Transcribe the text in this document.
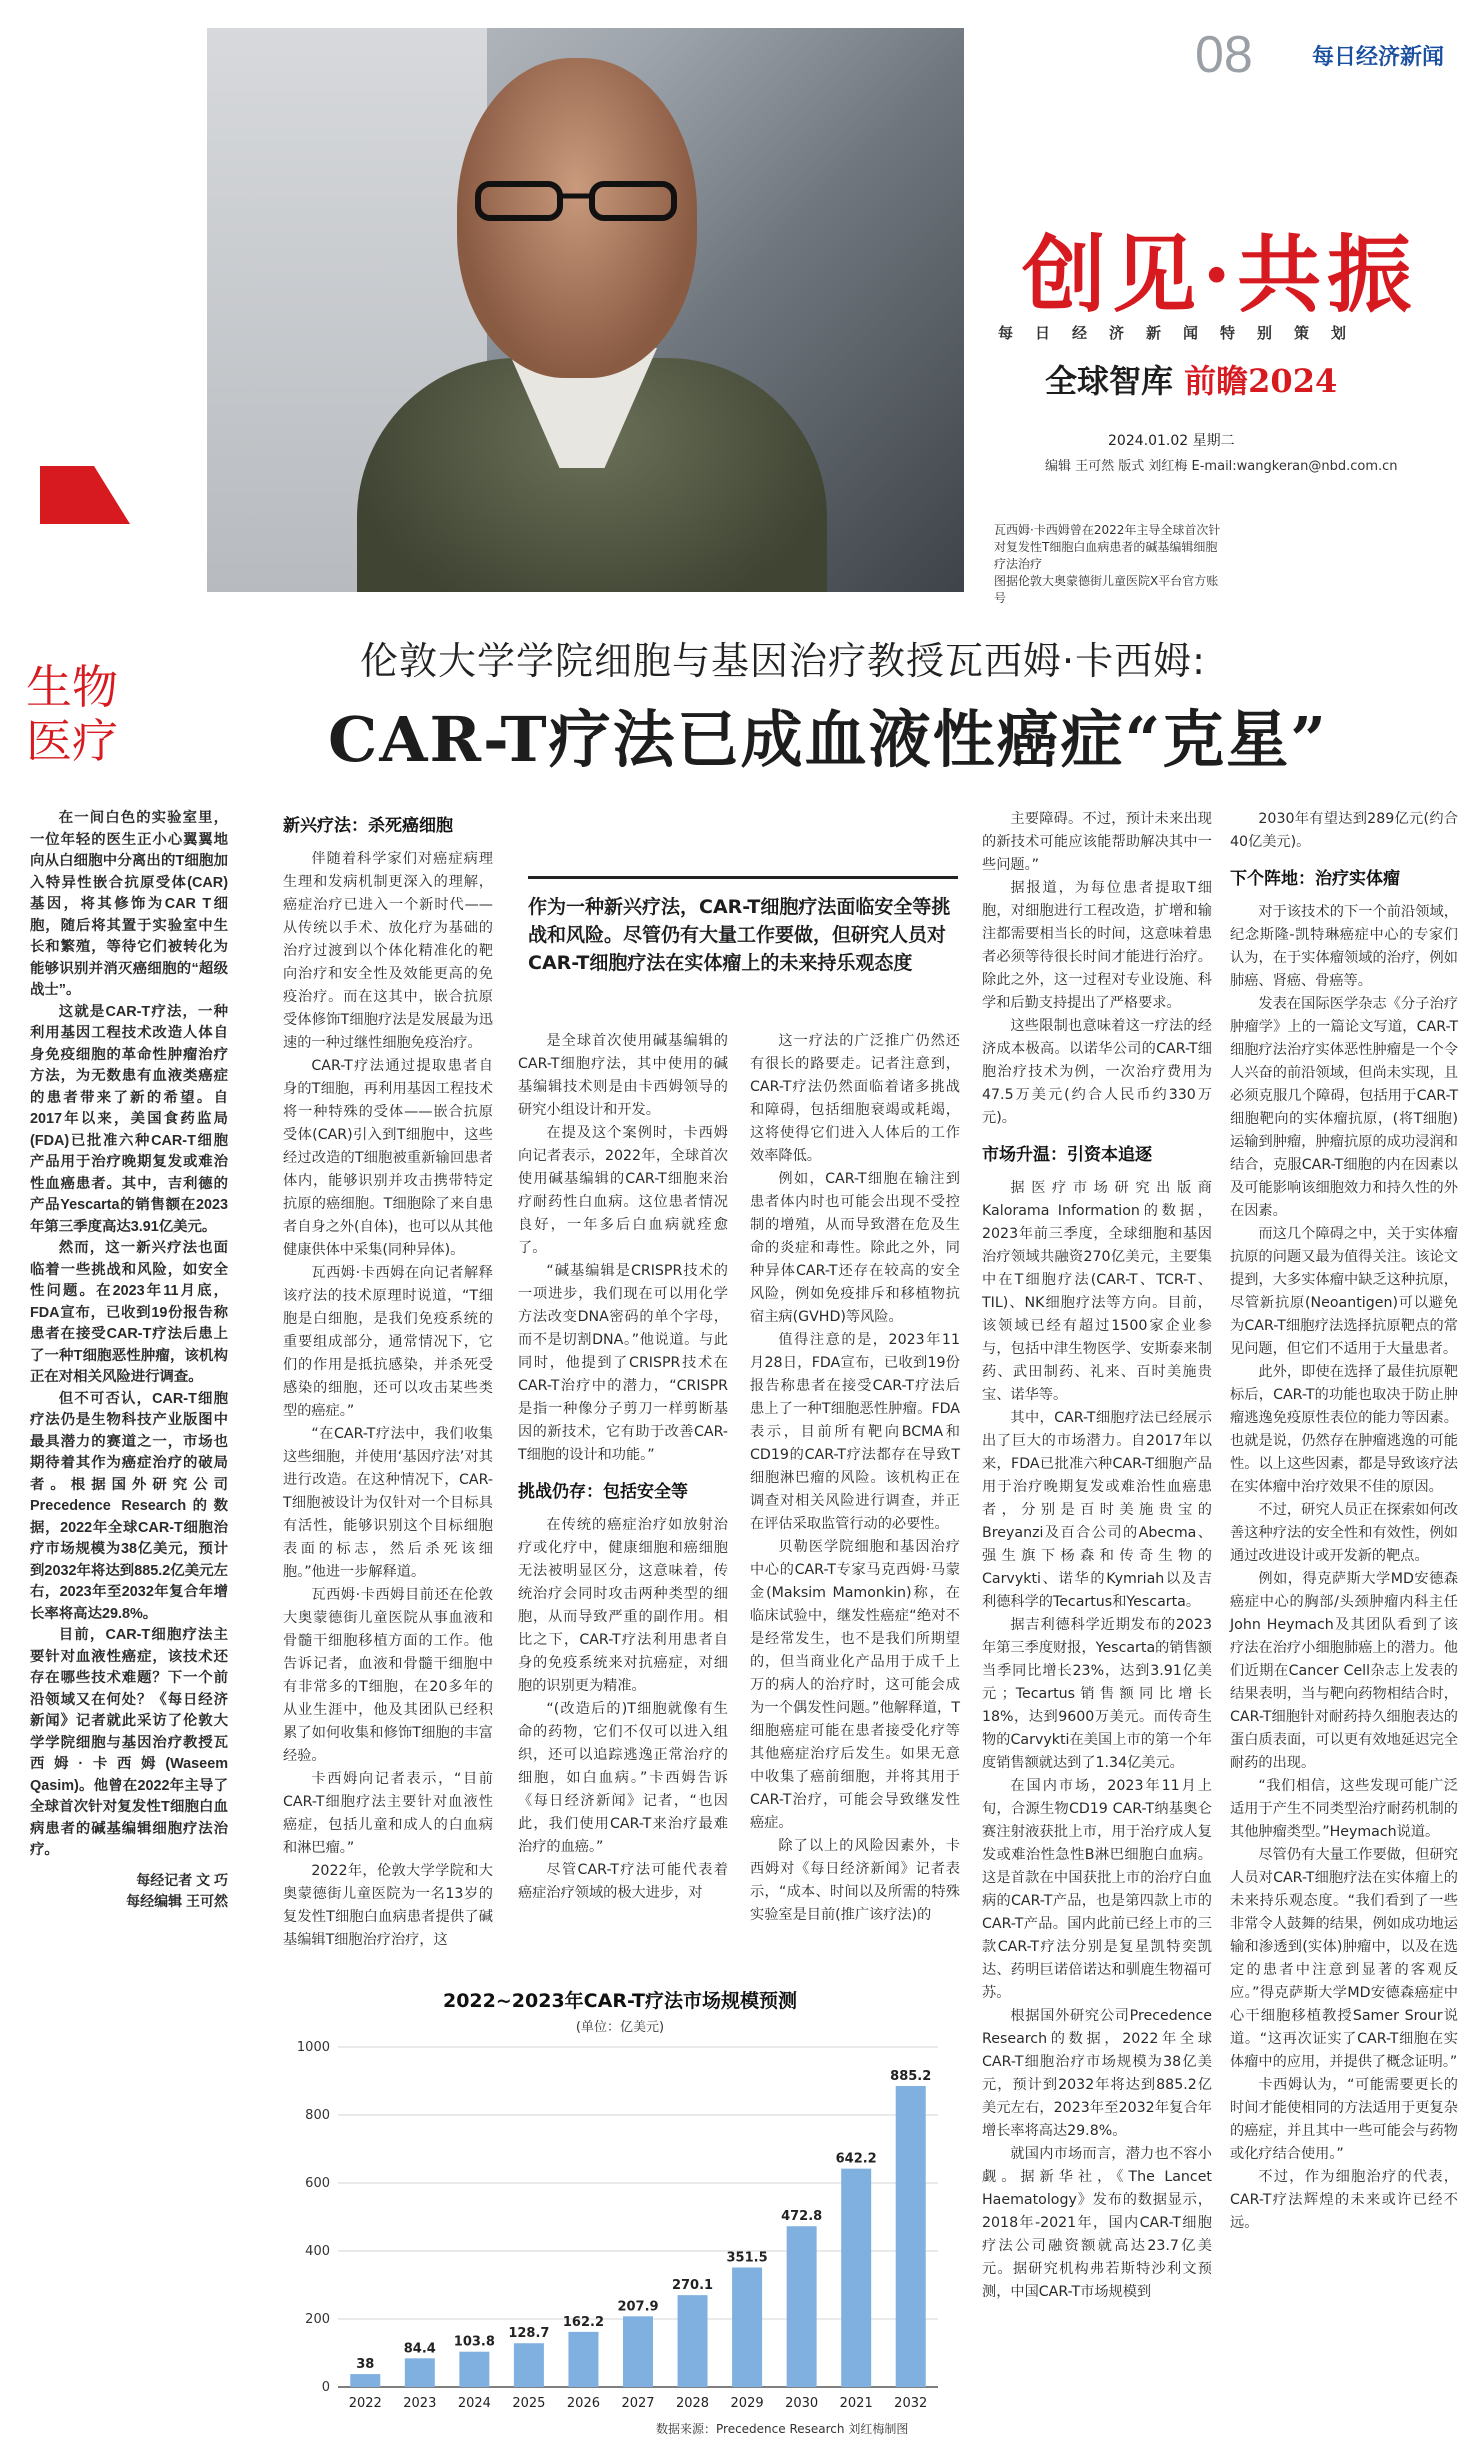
08	每日经济新闻
创见·共振
每日经济新闻特别策划
全球智库 前瞻2024
2024.01.02 星期二
编辑 王可然 版式 刘红梅 E-mail:wangkeran@nbd.com.cn
瓦西姆·卡西姆曾在2022年主导全球首次针对复发性T细胞白血病患者的碱基编辑细胞疗法治疗
图据伦敦大奥蒙德街儿童医院X平台官方账号
生物
医疗
伦敦大学学院细胞与基因治疗教授瓦西姆·卡西姆:
CAR-T疗法已成血液性癌症“克星”

在一间白色的实验室里，一位年轻的医生正小心翼翼地向从白细胞中分离出的T细胞加入特异性嵌合抗原受体(CAR)基因，将其修饰为CAR T细胞，随后将其置于实验室中生长和繁殖，等待它们被转化为能够识别并消灭癌细胞的“超级战士”。

这就是CAR-T疗法，一种利用基因工程技术改造人体自身免疫细胞的革命性肿瘤治疗方法，为无数患有血液类癌症的患者带来了新的希望。自2017年以来，美国食药监局(FDA)已批准六种CAR-T细胞产品用于治疗晚期复发或难治性血癌患者。其中，吉利德的产品Yescarta的销售额在2023年第三季度高达3.91亿美元。

然而，这一新兴疗法也面临着一些挑战和风险，如安全性问题。在2023年11月底，FDA宣布，已收到19份报告称患者在接受CAR-T疗法后患上了一种T细胞恶性肿瘤，该机构正在对相关风险进行调查。

但不可否认，CAR-T细胞疗法仍是生物科技产业版图中最具潜力的赛道之一，市场也期待着其作为癌症治疗的破局者。根据国外研究公司Precedence Research的数据，2022年全球CAR-T细胞治疗市场规模为38亿美元，预计到2032年将达到885.2亿美元左右，2023年至2032年复合年增长率将高达29.8%。

目前，CAR-T细胞疗法主要针对血液性癌症，该技术还存在哪些技术难题？下一个前沿领域又在何处？《每日经济新闻》记者就此采访了伦敦大学学院细胞与基因治疗教授瓦西姆·卡西姆(Waseem Qasim)。他曾在2022年主导了全球首次针对复发性T细胞白血病患者的碱基编辑细胞疗法治疗。

每经记者 文 巧
每经编辑 王可然
新兴疗法：杀死癌细胞

伴随着科学家们对癌症病理生理和发病机制更深入的理解，癌症治疗已进入一个新时代——从传统以手术、放化疗为基础的治疗过渡到以个体化精准化的靶向治疗和安全性及效能更高的免疫治疗。而在这其中，嵌合抗原受体修饰T细胞疗法是发展最为迅速的一种过继性细胞免疫治疗。

CAR-T疗法通过提取患者自身的T细胞，再利用基因工程技术将一种特殊的受体——嵌合抗原受体(CAR)引入到T细胞中，这些经过改造的T细胞被重新输回患者体内，能够识别并攻击携带特定抗原的癌细胞。T细胞除了来自患者自身之外(自体)，也可以从其他健康供体中采集(同种异体)。

瓦西姆·卡西姆在向记者解释该疗法的技术原理时说道，“T细胞是白细胞，是我们免疫系统的重要组成部分，通常情况下，它们的作用是抵抗感染，并杀死受感染的细胞，还可以攻击某些类型的癌症。”

“在CAR-T疗法中，我们收集这些细胞，并使用‘基因疗法’对其进行改造。在这种情况下，CAR-T细胞被设计为仅针对一个目标具有活性，能够识别这个目标细胞表面的标志，然后杀死该细胞。”他进一步解释道。

瓦西姆·卡西姆目前还在伦敦大奥蒙德街儿童医院从事血液和骨髓干细胞移植方面的工作。他告诉记者，血液和骨髓干细胞中有非常多的T细胞，在20多年的从业生涯中，他及其团队已经积累了如何收集和修饰T细胞的丰富经验。

卡西姆向记者表示，“目前CAR-T细胞疗法主要针对血液性癌症，包括儿童和成人的白血病和淋巴瘤。”

2022年，伦敦大学学院和大奥蒙德街儿童医院为一名13岁的复发性T细胞白血病患者提供了碱基编辑T细胞治疗治疗，这

作为一种新兴疗法，CAR-T细胞疗法面临安全等挑战和风险。尽管仍有大量工作要做，但研究人员对CAR-T细胞疗法在实体瘤上的未来持乐观态度

是全球首次使用碱基编辑的CAR-T细胞疗法，其中使用的碱基编辑技术则是由卡西姆领导的研究小组设计和开发。

在提及这个案例时，卡西姆向记者表示，2022年，全球首次使用碱基编辑的CAR-T细胞来治疗耐药性白血病。这位患者情况良好，一年多后白血病就痊愈了。

“碱基编辑是CRISPR技术的一项进步，我们现在可以用化学方法改变DNA密码的单个字母，而不是切割DNA。”他说道。与此同时，他提到了CRISPR技术在CAR-T治疗中的潜力，“CRISPR是指一种像分子剪刀一样剪断基因的新技术，它有助于改善CAR-T细胞的设计和功能。”

挑战仍存：包括安全等

在传统的癌症治疗如放射治疗或化疗中，健康细胞和癌细胞无法被明显区分，这意味着，传统治疗会同时攻击两种类型的细胞，从而导致严重的副作用。相比之下，CAR-T疗法利用患者自身的免疫系统来对抗癌症，对细胞的识别更为精准。

“(改造后的)T细胞就像有生命的药物，它们不仅可以进入组织，还可以追踪逃逸正常治疗的细胞，如白血病。”卡西姆告诉《每日经济新闻》记者，“也因此，我们使用CAR-T来治疗最难治疗的血癌。”

尽管CAR-T疗法可能代表着癌症治疗领域的极大进步，对

这一疗法的广泛推广仍然还有很长的路要走。记者注意到，CAR-T疗法仍然面临着诸多挑战和障碍，包括细胞衰竭或耗竭，这将使得它们进入人体后的工作效率降低。

例如，CAR-T细胞在输注到患者体内时也可能会出现不受控制的增殖，从而导致潜在危及生命的炎症和毒性。除此之外，同种异体CAR-T还存在较高的安全风险，例如免疫排斥和移植物抗宿主病(GVHD)等风险。

值得注意的是，2023年11月28日，FDA宣布，已收到19份报告称患者在接受CAR-T疗法后患上了一种T细胞恶性肿瘤。FDA表示，目前所有靶向BCMA和CD19的CAR-T疗法都存在导致T细胞淋巴瘤的风险。该机构正在调查对相关风险进行调查，并正在评估采取监管行动的必要性。

贝勒医学院细胞和基因治疗中心的CAR-T专家马克西姆·马蒙金(Maksim Mamonkin)称，在临床试验中，继发性癌症“绝对不是经常发生，也不是我们所期望的，但当商业化产品用于成千上万的病人的治疗时，这可能会成为一个偶发性问题。”他解释道，T细胞癌症可能在患者接受化疗等其他癌症治疗后发生。如果无意中收集了癌前细胞，并将其用于CAR-T治疗，可能会导致继发性癌症。

除了以上的风险因素外，卡西姆对《每日经济新闻》记者表示，“成本、时间以及所需的特殊实验室是目前(推广该疗法)的

主要障碍。不过，预计未来出现的新技术可能应该能帮助解决其中一些问题。”

据报道，为每位患者提取T细胞，对细胞进行工程改造，扩增和输注都需要相当长的时间，这意味着患者必须等待很长时间才能进行治疗。除此之外，这一过程对专业设施、科学和后勤支持提出了严格要求。

这些限制也意味着这一疗法的经济成本极高。以诺华公司的CAR-T细胞治疗技术为例，一次治疗费用为47.5万美元(约合人民币约330万元)。

市场升温：引资本追逐

据医疗市场研究出版商Kalorama Information的数据，2023年前三季度，全球细胞和基因治疗领域共融资270亿美元，主要集中在T细胞疗法(CAR-T、TCR-T、TIL)、NK细胞疗法等方向。目前，该领域已经有超过1500家企业参与，包括中津生物医学、安斯泰来制药、武田制药、礼来、百时美施贵宝、诺华等。

其中，CAR-T细胞疗法已经展示出了巨大的市场潜力。自2017年以来，FDA已批准六种CAR-T细胞产品用于治疗晚期复发或难治性血癌患者，分别是百时美施贵宝的Breyanzi及百合公司的Abecma、强生旗下杨森和传奇生物的Carvykti、诺华的Kymriah以及吉利德科学的Tecartus和Yescarta。

据吉利德科学近期发布的2023年第三季度财报，Yescarta的销售额当季同比增长23%，达到3.91亿美元；Tecartus销售额同比增长18%，达到9600万美元。而传奇生物的Carvykti在美国上市的第一个年度销售额就达到了1.34亿美元。

在国内市场，2023年11月上旬，合源生物CD19 CAR-T纳基奥仑赛注射液获批上市，用于治疗成人复发或难治性急性B淋巴细胞白血病。这是首款在中国获批上市的治疗白血病的CAR-T产品，也是第四款上市的CAR-T产品。国内此前已经上市的三款CAR-T疗法分别是复星凯特奕凯达、药明巨诺倍诺达和驯鹿生物福可苏。

根据国外研究公司Precedence Research的数据，2022年全球CAR-T细胞治疗市场规模为38亿美元，预计到2032年将达到885.2亿美元左右，2023年至2032年复合年增长率将高达29.8%。

就国内市场而言，潜力也不容小觑。据新华社，《The Lancet Haematology》发布的数据显示，2018年-2021年，国内CAR-T细胞疗法公司融资额就高达23.7亿美元。据研究机构弗若斯特沙利文预测，中国CAR-T市场规模到

2030年有望达到289亿元(约合40亿美元)。

下个阵地：治疗实体瘤

对于该技术的下一个前沿领域，纪念斯隆-凯特琳癌症中心的专家们认为，在于实体瘤领域的治疗，例如肺癌、肾癌、骨癌等。

发表在国际医学杂志《分子治疗肿瘤学》上的一篇论文写道，CAR-T细胞疗法治疗实体恶性肿瘤是一个令人兴奋的前沿领域，但尚未实现，且必须克服几个障碍，包括用于CAR-T细胞靶向的实体瘤抗原，(将T细胞)运输到肿瘤，肿瘤抗原的成功浸润和结合，克服CAR-T细胞的内在因素以及可能影响该细胞效力和持久性的外在因素。

而这几个障碍之中，关于实体瘤抗原的问题又最为值得关注。该论文提到，大多实体瘤中缺乏这种抗原，尽管新抗原(Neoantigen)可以避免为CAR-T细胞疗法选择抗原靶点的常见问题，但它们不适用于大量患者。

此外，即使在选择了最佳抗原靶标后，CAR-T的功能也取决于防止肿瘤逃逸免疫原性表位的能力等因素。也就是说，仍然存在肿瘤逃逸的可能性。以上这些因素，都是导致该疗法在实体瘤中治疗效果不佳的原因。

不过，研究人员正在探索如何改善这种疗法的安全性和有效性，例如通过改进设计或开发新的靶点。

例如，得克萨斯大学MD安德森癌症中心的胸部/头颈肿瘤内科主任John Heymach及其团队看到了该疗法在治疗小细胞肺癌上的潜力。他们近期在Cancer Cell杂志上发表的结果表明，当与靶向药物相结合时，CAR-T细胞针对耐药持久细胞表达的蛋白质表面，可以更有效地延迟完全耐药的出现。

“我们相信，这些发现可能广泛适用于产生不同类型治疗耐药机制的其他肿瘤类型。”Heymach说道。

尽管仍有大量工作要做，但研究人员对CAR-T细胞疗法在实体瘤上的未来持乐观态度。“我们看到了一些非常令人鼓舞的结果，例如成功地运输和渗透到(实体)肿瘤中，以及在选定的患者中注意到显著的客观反应。”得克萨斯大学MD安德森癌症中心干细胞移植教授Samer Srour说道。“这再次证实了CAR-T细胞在实体瘤中的应用，并提供了概念证明。”

卡西姆认为，“可能需要更长的时间才能使相同的方法适用于更复杂的癌症，并且其中一些可能会与药物或化疗结合使用。”

不过，作为细胞治疗的代表，CAR-T疗法辉煌的未来或许已经不远。

2022~2023年CAR-T疗法市场规模预测
(单位：亿美元)
0
200
400
600
800
1000
38
2022
84.4
2023
103.8
2024
128.7
2025
162.2
2026
207.9
2027
270.1
2028
351.5
2029
472.8
2030
642.2
2021
885.2
2032
数据来源：Precedence Research 刘红梅制图
